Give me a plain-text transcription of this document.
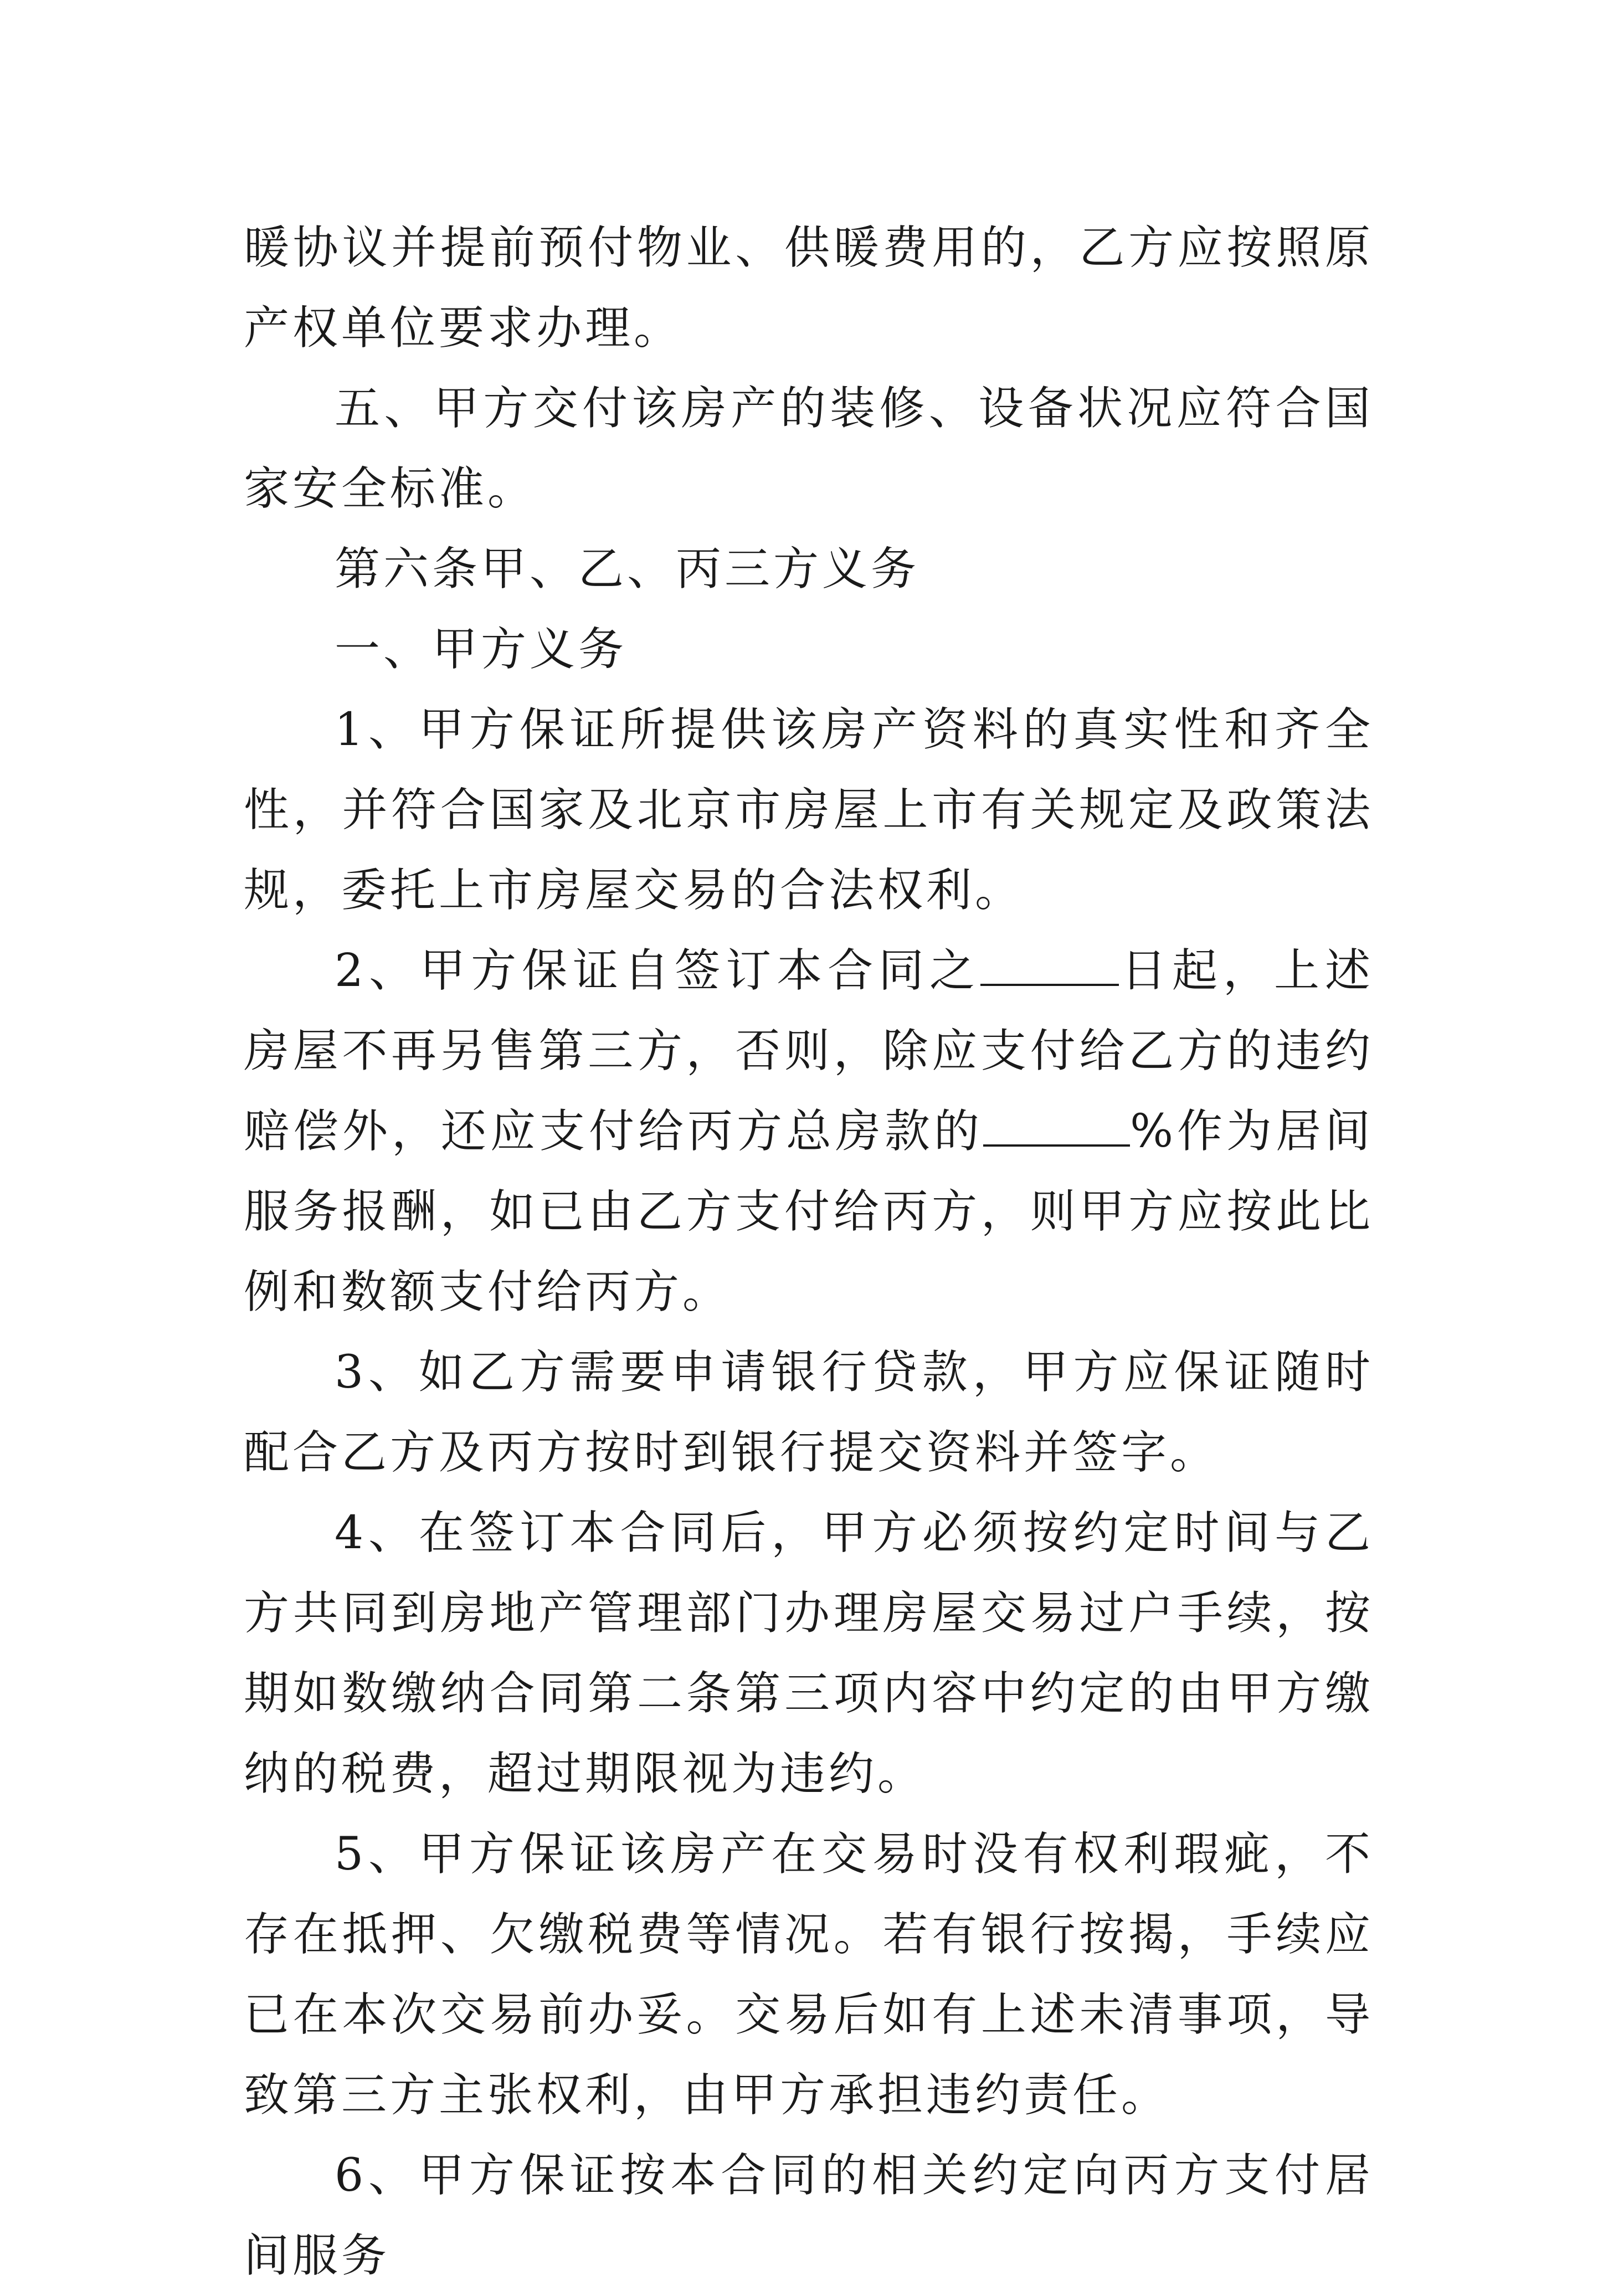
暖协议并提前预付物业、供暖费用的，乙方应按照原产权单位要求办理。

五、甲方交付该房产的装修、设备状况应符合国家安全标准。

第六条甲、乙、丙三方义务

一、甲方义务

1、甲方保证所提供该房产资料的真实性和齐全性，并符合国家及北京市房屋上市有关规定及政策法规，委托上市房屋交易的合法权利。

2、甲方保证自签订本合同之	日起，上述房屋不再另售第三方，否则，除应支付给乙方的违约赔偿外，还应支付给丙方总房款的	%作为居间服务报酬，如已由乙方支付给丙方，则甲方应按此比例和数额支付给丙方。

3、如乙方需要申请银行贷款，甲方应保证随时配合乙方及丙方按时到银行提交资料并签字。

4、在签订本合同后，甲方必须按约定时间与乙方共同到房地产管理部门办理房屋交易过户手续，按期如数缴纳合同第二条第三项内容中约定的由甲方缴纳的税费，超过期限视为违约。

5、甲方保证该房产在交易时没有权利瑕疵，不存在抵押、欠缴税费等情况。若有银行按揭，手续应已在本次交易前办妥。交易后如有上述未清事项，导致第三方主张权利，由甲方承担违约责任。

6、甲方保证按本合同的相关约定向丙方支付居间服务
